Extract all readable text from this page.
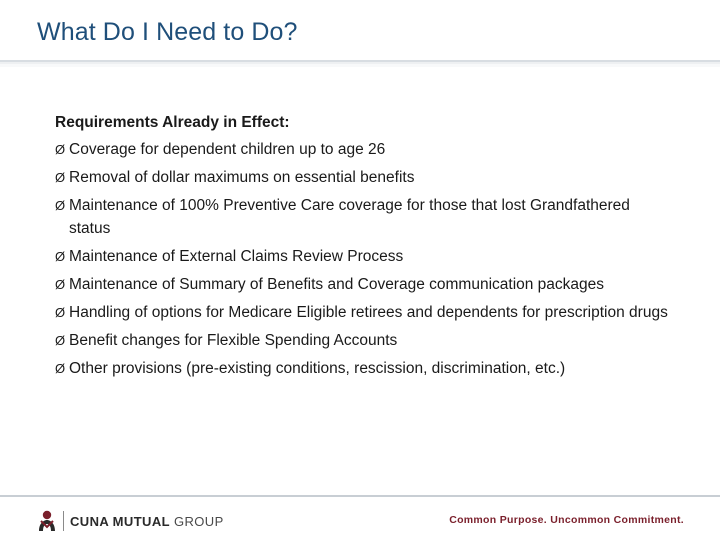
What Do I Need to Do?
Requirements Already in Effect:
Ø Coverage for dependent children up to age 26
Ø Removal of dollar maximums on essential benefits
Ø Maintenance of 100% Preventive Care coverage for those that lost Grandfathered status
Ø Maintenance of External Claims Review Process
Ø Maintenance of Summary of Benefits and Coverage communication packages
Ø Handling of options for Medicare Eligible retirees and dependents for prescription drugs
Ø Benefit changes for Flexible Spending Accounts
Ø Other provisions (pre-existing conditions, rescission, discrimination, etc.)
CUNA MUTUAL GROUP	Common Purpose. Uncommon Commitment.
